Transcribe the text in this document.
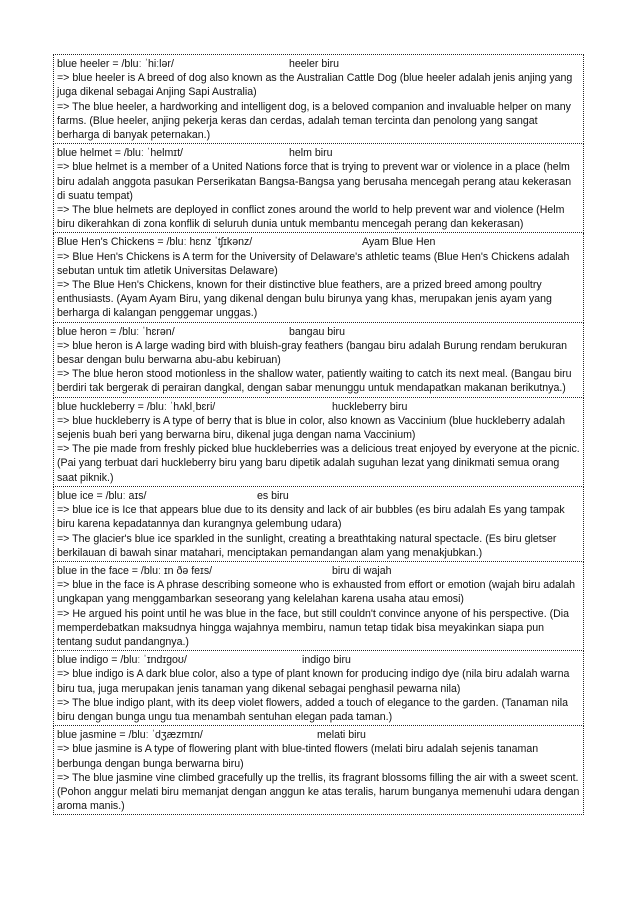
blue heeler = /bluː ˈhiːlər/	heeler biru

=> blue heeler is A breed of dog also known as the Australian Cattle Dog (blue heeler adalah jenis anjing yang juga dikenal sebagai Anjing Sapi Australia)

=> The blue heeler, a hardworking and intelligent dog, is a beloved companion and invaluable helper on many farms. (Blue heeler, anjing pekerja keras dan cerdas, adalah teman tercinta dan penolong yang sangat berharga di banyak peternakan.)

blue helmet = /bluː ˈhelmɪt/	helm biru

=> blue helmet is a member of a United Nations force that is trying to prevent war or violence in a place (helm biru adalah anggota pasukan Perserikatan Bangsa-Bangsa yang berusaha mencegah perang atau kekerasan di suatu tempat)

=> The blue helmets are deployed in conflict zones around the world to help prevent war and violence (Helm biru dikerahkan di zona konflik di seluruh dunia untuk membantu mencegah perang dan kekerasan)

Blue Hen's Chickens = /bluː hɛnz ˈtʃɪkənz/	Ayam Blue Hen

=> Blue Hen's Chickens is A term for the University of Delaware's athletic teams (Blue Hen's Chickens adalah sebutan untuk tim atletik Universitas Delaware)

=> The Blue Hen's Chickens, known for their distinctive blue feathers, are a prized breed among poultry enthusiasts. (Ayam Ayam Biru, yang dikenal dengan bulu birunya yang khas, merupakan jenis ayam yang berharga di kalangan penggemar unggas.)

blue heron = /bluː ˈhɛrən/	bangau biru

=> blue heron is A large wading bird with bluish-gray feathers (bangau biru adalah Burung rendam berukuran besar dengan bulu berwarna abu-abu kebiruan)

=> The blue heron stood motionless in the shallow water, patiently waiting to catch its next meal. (Bangau biru berdiri tak bergerak di perairan dangkal, dengan sabar menunggu untuk mendapatkan makanan berikutnya.)

blue huckleberry = /bluː ˈhʌklˌbɛri/	huckleberry biru

=> blue huckleberry is A type of berry that is blue in color, also known as Vaccinium (blue huckleberry adalah sejenis buah beri yang berwarna biru, dikenal juga dengan nama Vaccinium)

=> The pie made from freshly picked blue huckleberries was a delicious treat enjoyed by everyone at the picnic. (Pai yang terbuat dari huckleberry biru yang baru dipetik adalah suguhan lezat yang dinikmati semua orang saat piknik.)

blue ice = /bluː aɪs/	es biru

=> blue ice is Ice that appears blue due to its density and lack of air bubbles (es biru adalah Es yang tampak biru karena kepadatannya dan kurangnya gelembung udara)

=> The glacier's blue ice sparkled in the sunlight, creating a breathtaking natural spectacle. (Es biru gletser berkilauan di bawah sinar matahari, menciptakan pemandangan alam yang menakjubkan.)

blue in the face = /bluː ɪn ðə feɪs/	biru di wajah

=> blue in the face is A phrase describing someone who is exhausted from effort or emotion (wajah biru adalah ungkapan yang menggambarkan seseorang yang kelelahan karena usaha atau emosi)

=> He argued his point until he was blue in the face, but still couldn't convince anyone of his perspective. (Dia memperdebatkan maksudnya hingga wajahnya membiru, namun tetap tidak bisa meyakinkan siapa pun tentang sudut pandangnya.)

blue indigo = /bluː ˈɪndɪɡoʊ/	indigo biru

=> blue indigo is A dark blue color, also a type of plant known for producing indigo dye (nila biru adalah warna biru tua, juga merupakan jenis tanaman yang dikenal sebagai penghasil pewarna nila)

=> The blue indigo plant, with its deep violet flowers, added a touch of elegance to the garden. (Tanaman nila biru dengan bunga ungu tua menambah sentuhan elegan pada taman.)

blue jasmine = /bluː ˈdʒæzmɪn/	melati biru

=> blue jasmine is A type of flowering plant with blue-tinted flowers (melati biru adalah sejenis tanaman berbunga dengan bunga berwarna biru)

=> The blue jasmine vine climbed gracefully up the trellis, its fragrant blossoms filling the air with a sweet scent. (Pohon anggur melati biru memanjat dengan anggun ke atas teralis, harum bunganya memenuhi udara dengan aroma manis.)
